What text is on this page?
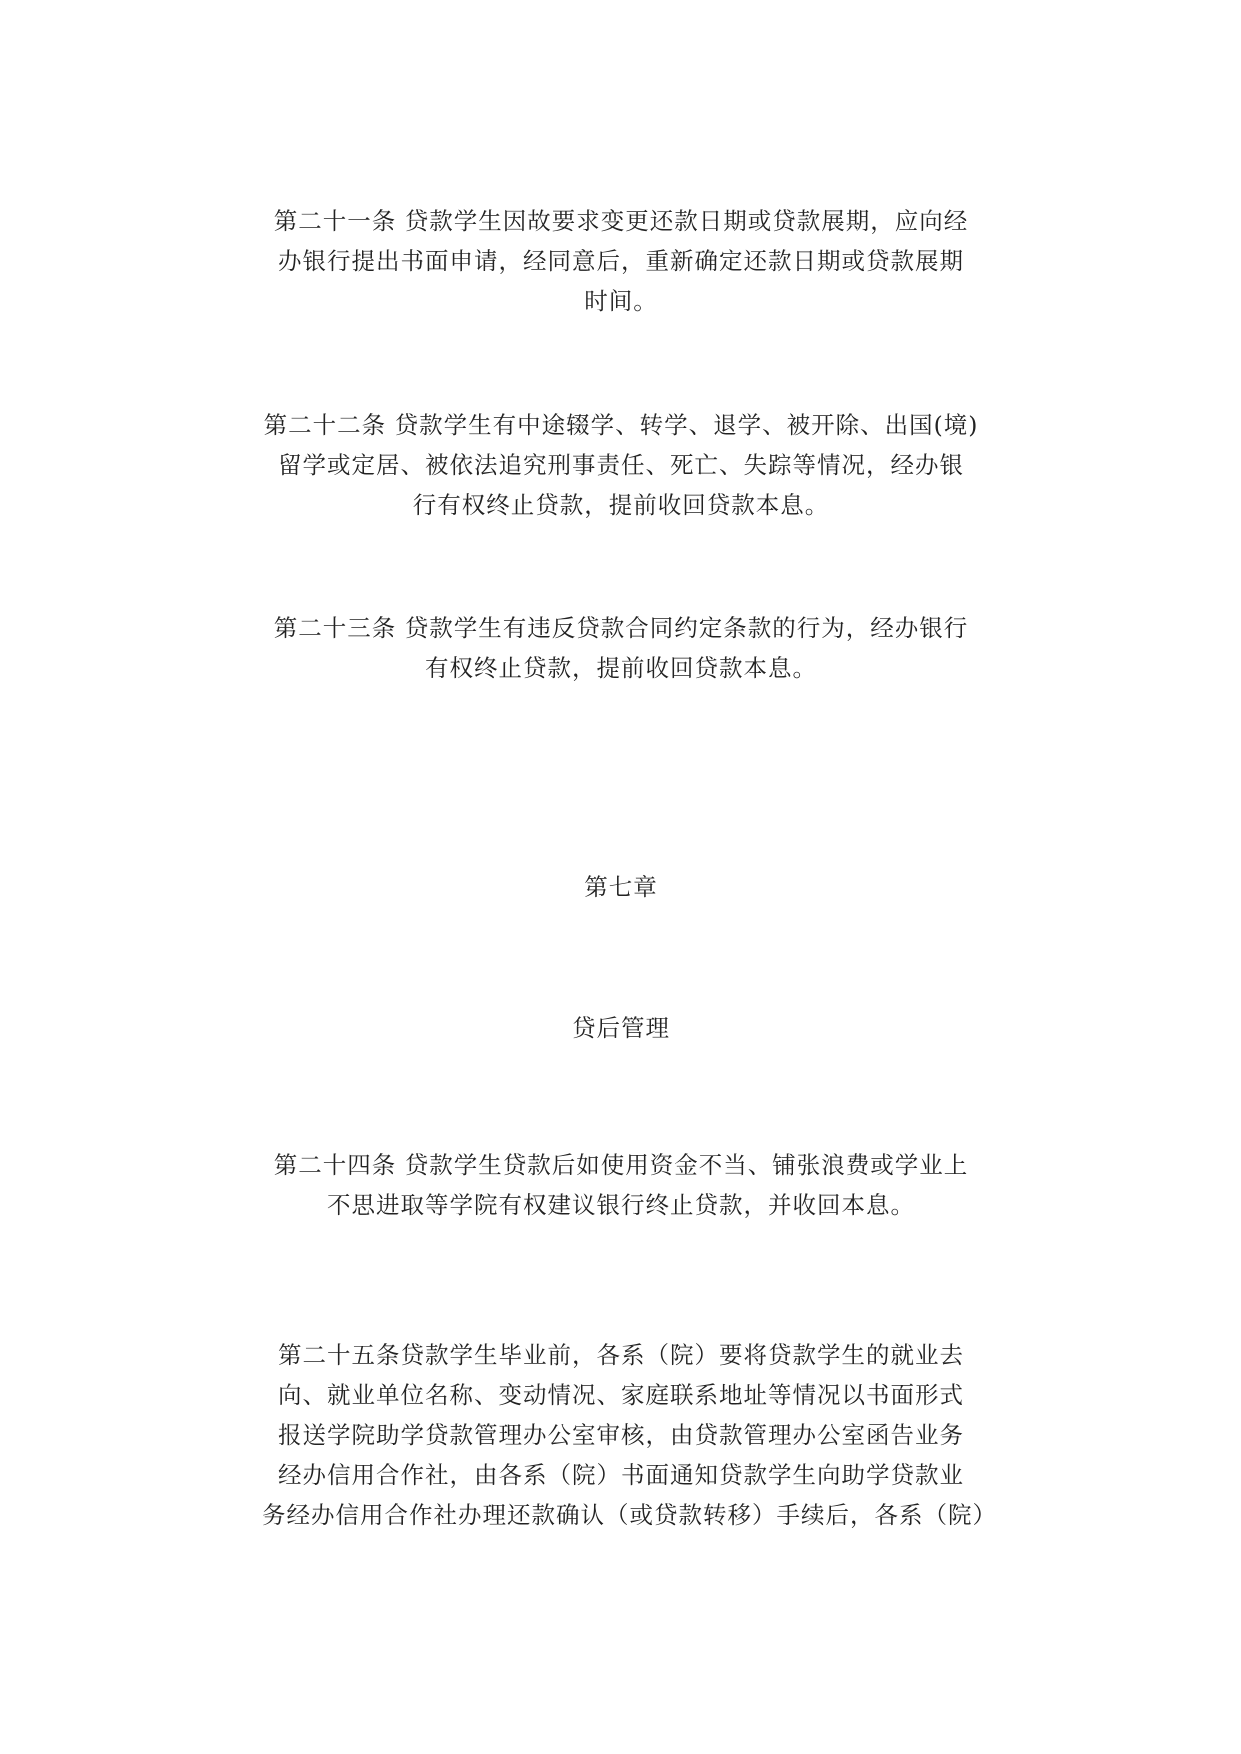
第二十一条 贷款学生因故要求变更还款日期或贷款展期，应向经
办银行提出书面申请，经同意后，重新确定还款日期或贷款展期
时间。
第二十二条 贷款学生有中途辍学、转学、退学、被开除、出国(境)
留学或定居、被依法追究刑事责任、死亡、失踪等情况，经办银
行有权终止贷款，提前收回贷款本息。
第二十三条 贷款学生有违反贷款合同约定条款的行为，经办银行
有权终止贷款，提前收回贷款本息。
第七章
贷后管理
第二十四条 贷款学生贷款后如使用资金不当、铺张浪费或学业上
不思进取等学院有权建议银行终止贷款，并收回本息。
第二十五条贷款学生毕业前，各系（院）要将贷款学生的就业去
向、就业单位名称、变动情况、家庭联系地址等情况以书面形式
报送学院助学贷款管理办公室审核，由贷款管理办公室函告业务
经办信用合作社，由各系（院）书面通知贷款学生向助学贷款业
务经办信用合作社办理还款确认（或贷款转移）手续后，各系（院）
